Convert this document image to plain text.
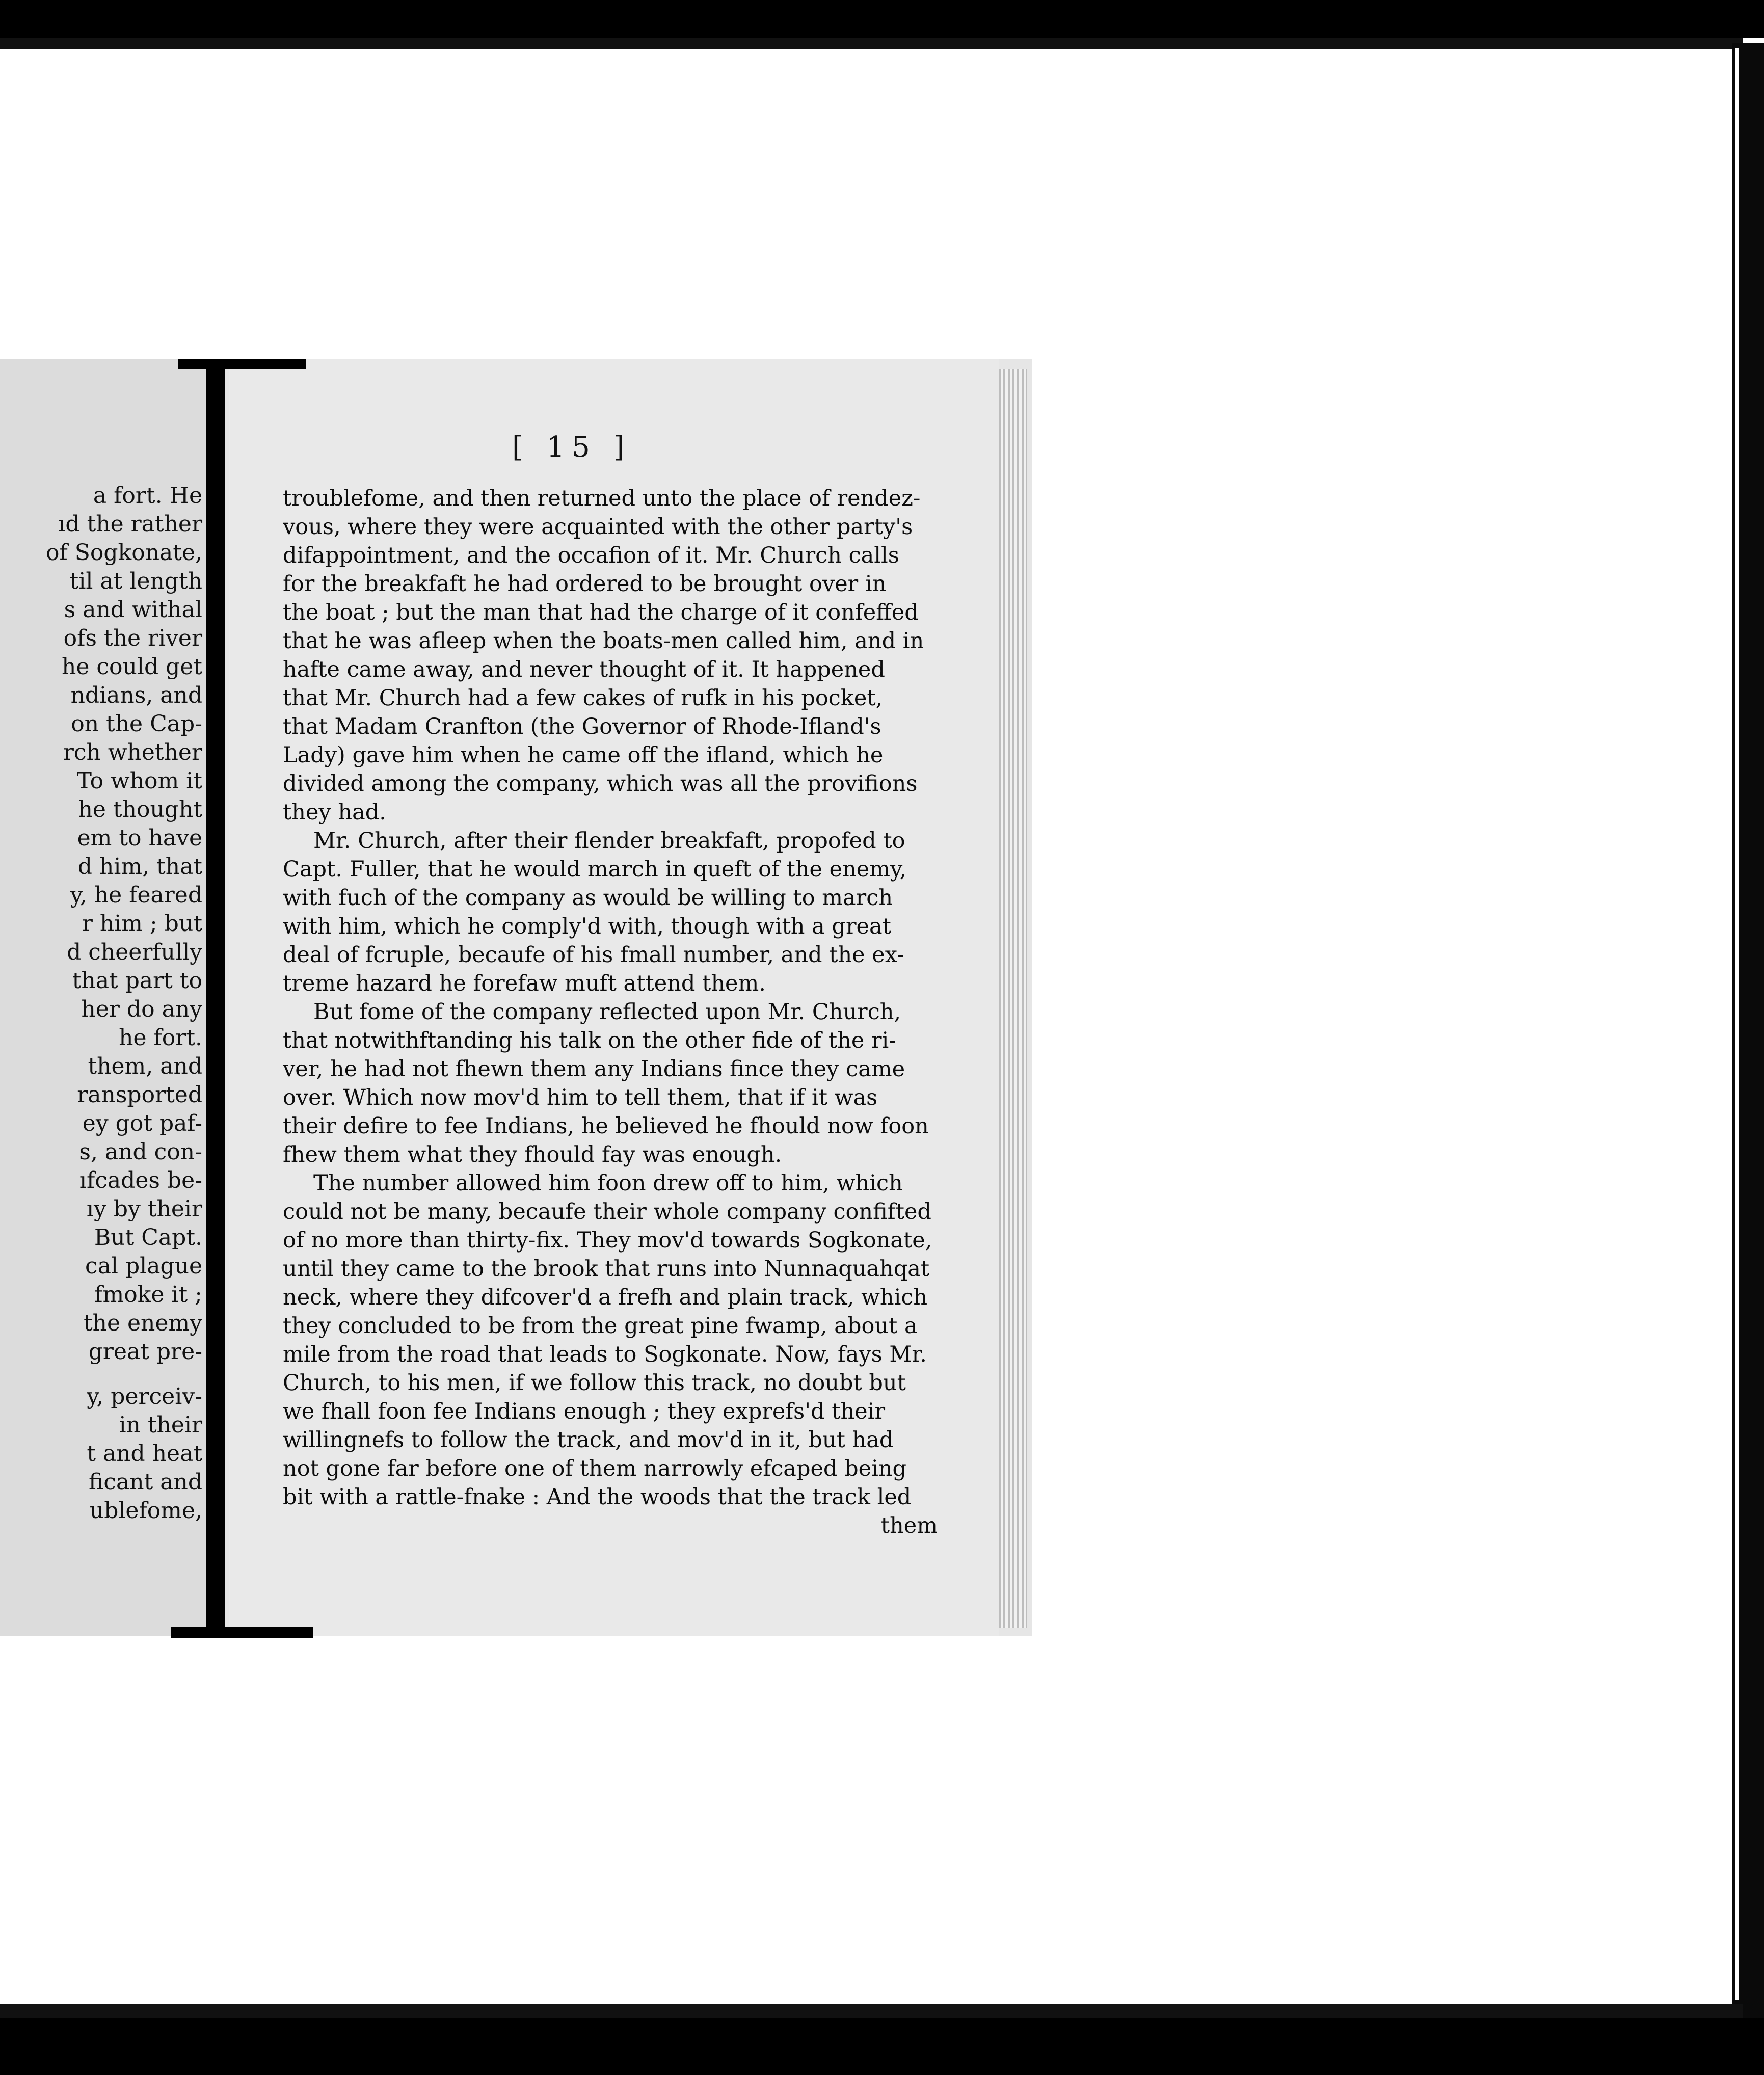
a fort. He
ıd the rather
of Sogkonate,
til at length
s and withal
ofs the river
he could get
ndians, and
on the Cap-
rch whether
To whom it
he thought
em to have
d him, that
y, he feared
r him ; but
d cheerfully
that part to
her do any
he fort.
them, and
ransported
ey got paf-
s, and con-
ıfcades be-
ıy by their
But Capt.
cal plague
fmoke it ;
the enemy
great pre-
y, perceiv-
in their
t and heat
ficant and
ublefome,
[ 15 ]
troublefome, and then returned unto the place of rendez-
vous, where they were acquainted with the other party's
difappointment, and the occafion of it. Mr. Church calls
for the breakfaft he had ordered to be brought over in
the boat ; but the man that had the charge of it confeffed
that he was afleep when the boats-men called him, and in
hafte came away, and never thought of it. It happened
that Mr. Church had a few cakes of rufk in his pocket,
that Madam Cranfton (the Governor of Rhode-Ifland's
Lady) gave him when he came off the ifland, which he
divided among the company, which was all the provifions
they had.
Mr. Church, after their flender breakfaft, propofed to
Capt. Fuller, that he would march in queft of the enemy,
with fuch of the company as would be willing to march
with him, which he comply'd with, though with a great
deal of fcruple, becaufe of his fmall number, and the ex-
treme hazard he forefaw muft attend them.
But fome of the company reflected upon Mr. Church,
that notwithftanding his talk on the other fide of the ri-
ver, he had not fhewn them any Indians fince they came
over. Which now mov'd him to tell them, that if it was
their defire to fee Indians, he believed he fhould now foon
fhew them what they fhould fay was enough.
The number allowed him foon drew off to him, which
could not be many, becaufe their whole company confifted
of no more than thirty-fix. They mov'd towards Sogkonate,
until they came to the brook that runs into Nunnaquahqat
neck, where they difcover'd a frefh and plain track, which
they concluded to be from the great pine fwamp, about a
mile from the road that leads to Sogkonate. Now, fays Mr.
Church, to his men, if we follow this track, no doubt but
we fhall foon fee Indians enough ; they exprefs'd their
willingnefs to follow the track, and mov'd in it, but had
not gone far before one of them narrowly efcaped being
bit with a rattle-fnake : And the woods that the track led
them
